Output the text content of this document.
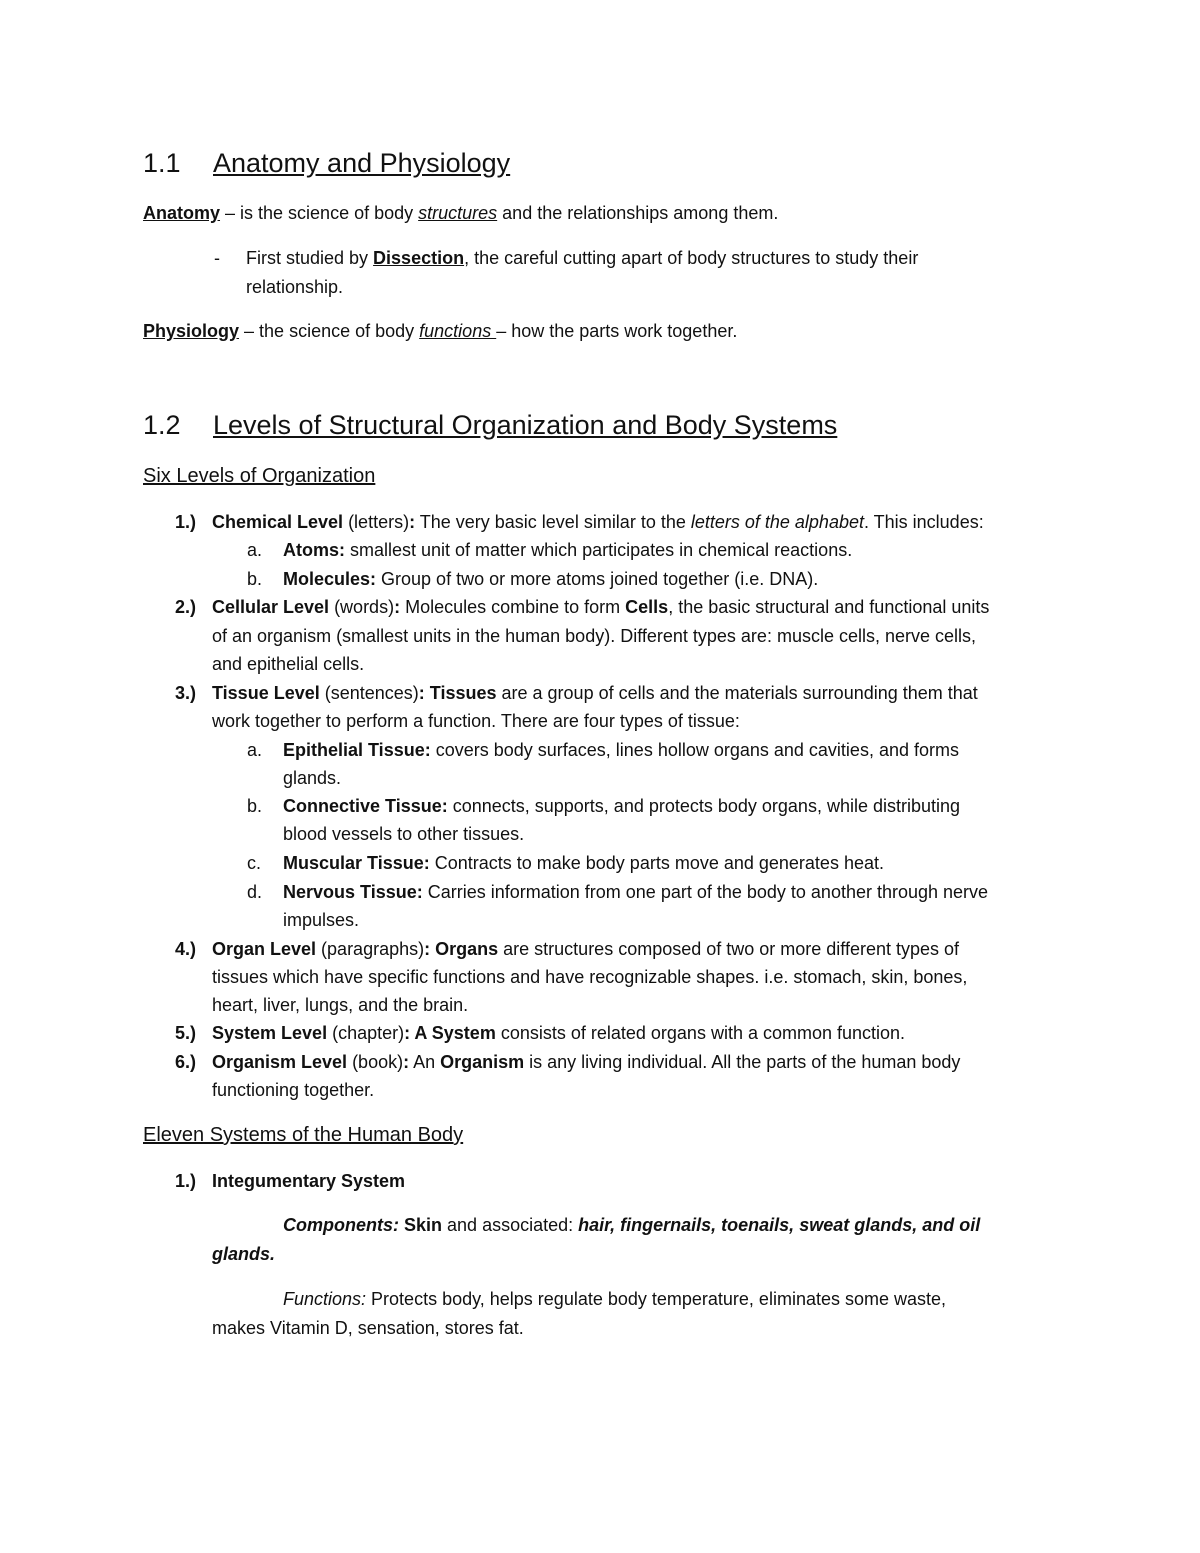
1.1 Anatomy and Physiology
Anatomy – is the science of body structures and the relationships among them.
- First studied by Dissection, the careful cutting apart of body structures to study their
relationship.
Physiology – the science of body functions – how the parts work together.
1.2 Levels of Structural Organization and Body Systems
Six Levels of Organization
1.) Chemical Level (letters): The very basic level similar to the letters of the alphabet. This includes:
a. Atoms: smallest unit of matter which participates in chemical reactions.
b. Molecules: Group of two or more atoms joined together (i.e. DNA).
2.) Cellular Level (words): Molecules combine to form Cells, the basic structural and functional units
of an organism (smallest units in the human body). Different types are: muscle cells, nerve cells,
and epithelial cells.
3.) Tissue Level (sentences): Tissues are a group of cells and the materials surrounding them that
work together to perform a function. There are four types of tissue:
a. Epithelial Tissue: covers body surfaces, lines hollow organs and cavities, and forms
glands.
b. Connective Tissue: connects, supports, and protects body organs, while distributing
blood vessels to other tissues.
c. Muscular Tissue: Contracts to make body parts move and generates heat.
d. Nervous Tissue: Carries information from one part of the body to another through nerve
impulses.
4.) Organ Level (paragraphs): Organs are structures composed of two or more different types of
tissues which have specific functions and have recognizable shapes. i.e. stomach, skin, bones,
heart, liver, lungs, and the brain.
5.) System Level (chapter): A System consists of related organs with a common function.
6.) Organism Level (book): An Organism is any living individual. All the parts of the human body
functioning together.
Eleven Systems of the Human Body
1.) Integumentary System
Components: Skin and associated: hair, fingernails, toenails, sweat glands, and oil
glands.
Functions: Protects body, helps regulate body temperature, eliminates some waste,
makes Vitamin D, sensation, stores fat.
